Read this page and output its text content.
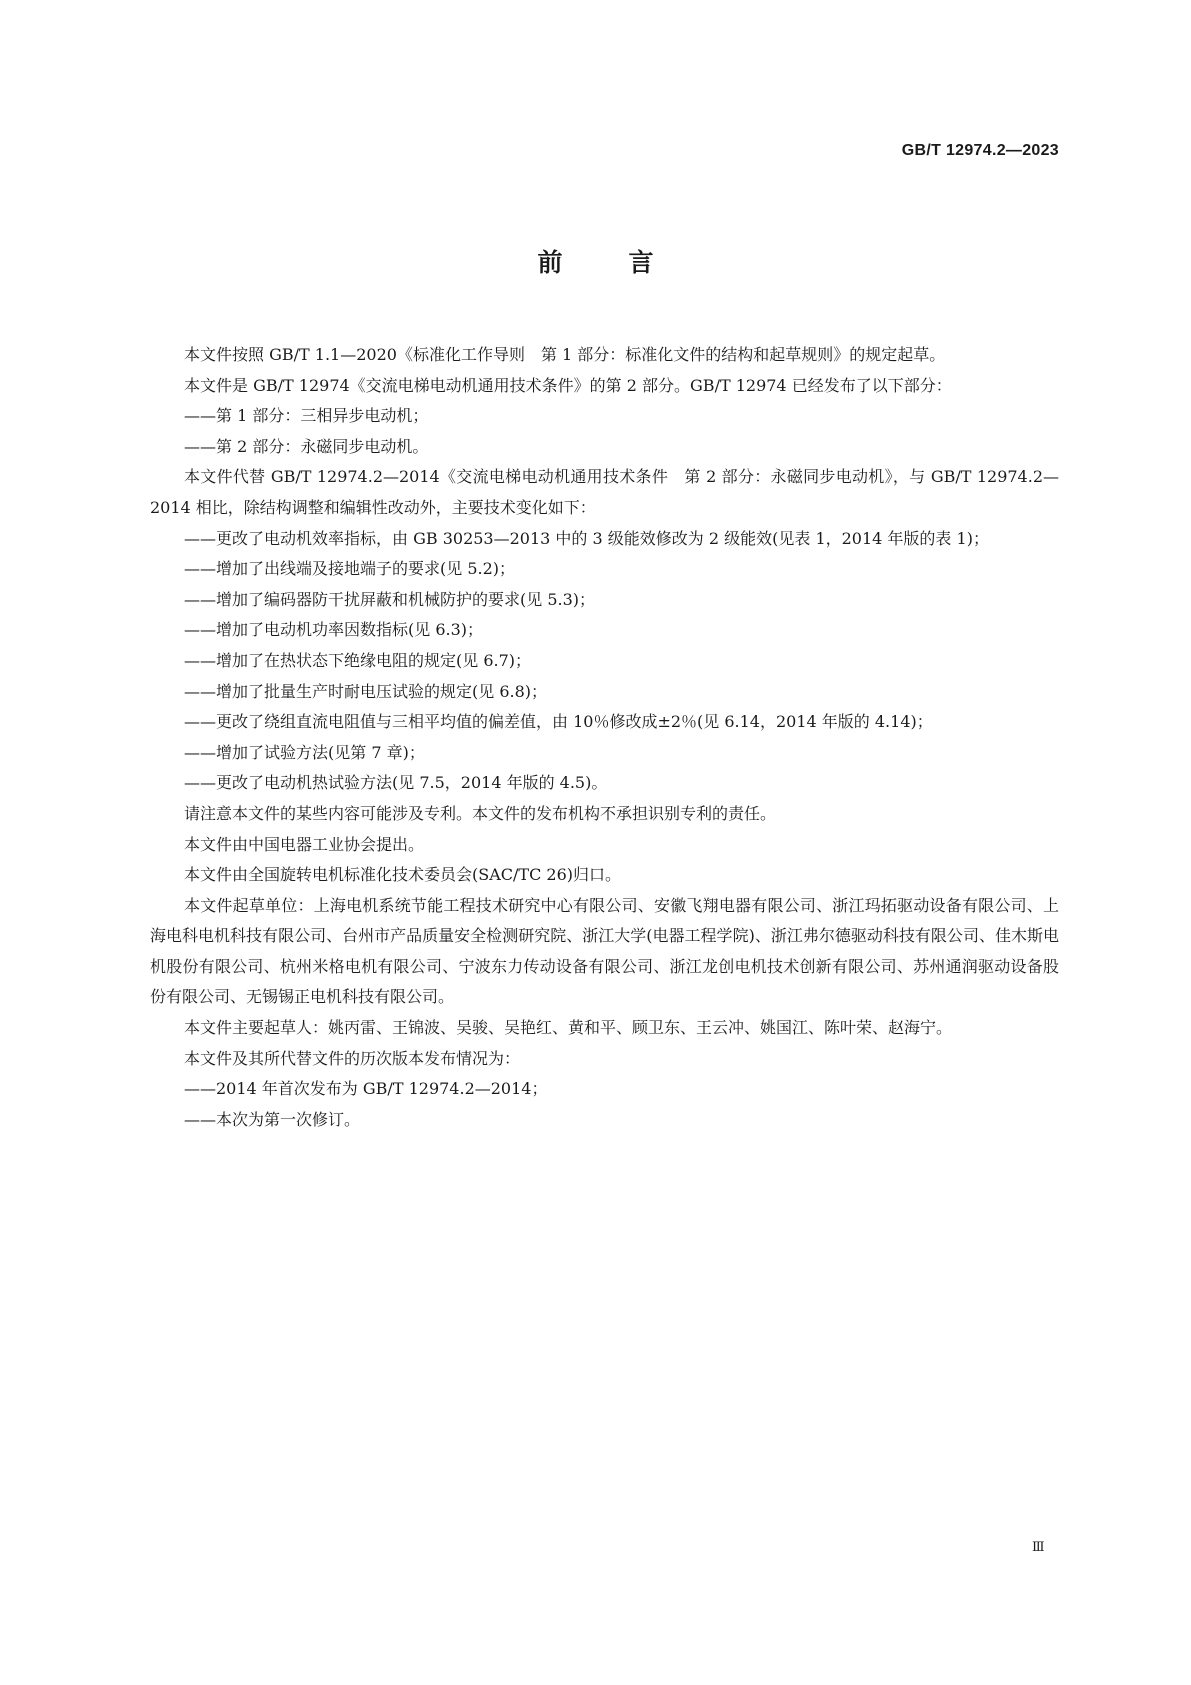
GB/T 12974.2—2023
前言

本文件按照 GB/T 1.1—2020《标准化工作导则　第 1 部分：标准化文件的结构和起草规则》的规定起草。

本文件是 GB/T 12974《交流电梯电动机通用技术条件》的第 2 部分。GB/T 12974 已经发布了以下部分：

——第 1 部分：三相异步电动机；

——第 2 部分：永磁同步电动机。

本文件代替 GB/T 12974.2—2014《交流电梯电动机通用技术条件　第 2 部分：永磁同步电动机》，与 GB/T 12974.2—2014 相比，除结构调整和编辑性改动外，主要技术变化如下：

——更改了电动机效率指标，由 GB 30253—2013 中的 3 级能效修改为 2 级能效(见表 1，2014 年版的表 1)；

——增加了出线端及接地端子的要求(见 5.2)；

——增加了编码器防干扰屏蔽和机械防护的要求(见 5.3)；

——增加了电动机功率因数指标(见 6.3)；

——增加了在热状态下绝缘电阻的规定(见 6.7)；

——增加了批量生产时耐电压试验的规定(见 6.8)；

——更改了绕组直流电阻值与三相平均值的偏差值，由 10％修改成±2％(见 6.14，2014 年版的 4.14)；

——增加了试验方法(见第 7 章)；

——更改了电动机热试验方法(见 7.5，2014 年版的 4.5)。

请注意本文件的某些内容可能涉及专利。本文件的发布机构不承担识别专利的责任。

本文件由中国电器工业协会提出。

本文件由全国旋转电机标准化技术委员会(SAC/TC 26)归口。

本文件起草单位：上海电机系统节能工程技术研究中心有限公司、安徽飞翔电器有限公司、浙江玛拓驱动设备有限公司、上海电科电机科技有限公司、台州市产品质量安全检测研究院、浙江大学(电器工程学院)、浙江弗尔德驱动科技有限公司、佳木斯电机股份有限公司、杭州米格电机有限公司、宁波东力传动设备有限公司、浙江龙创电机技术创新有限公司、苏州通润驱动设备股份有限公司、无锡锡正电机科技有限公司。

本文件主要起草人：姚丙雷、王锦波、吴骏、吴艳红、黄和平、顾卫东、王云冲、姚国江、陈叶荣、赵海宁。

本文件及其所代替文件的历次版本发布情况为：

——2014 年首次发布为 GB/T 12974.2—2014；

——本次为第一次修订。

Ⅲ
